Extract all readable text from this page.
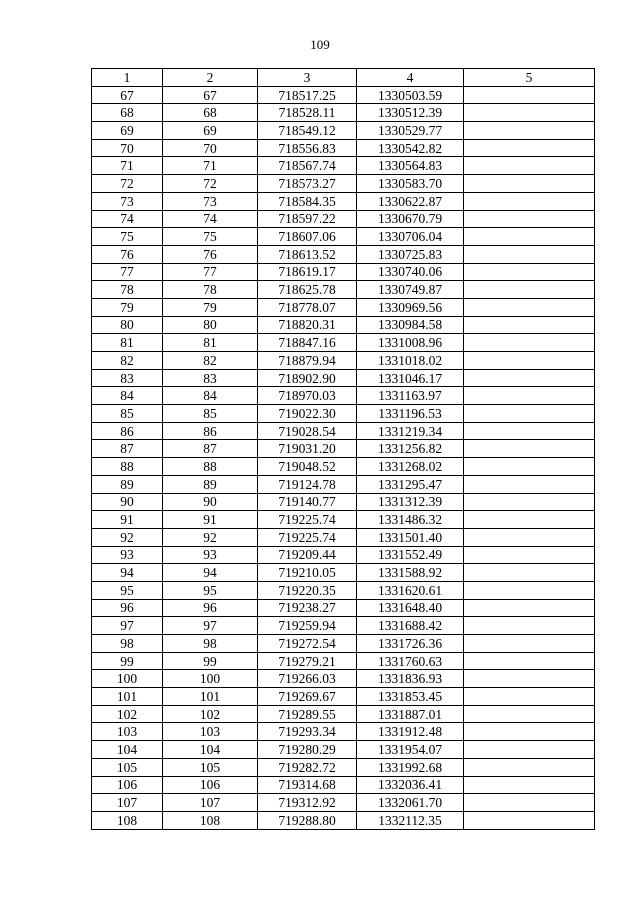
109
1	2	3	4	5
67	67	718517.25	1330503.59	
68	68	718528.11	1330512.39	
69	69	718549.12	1330529.77	
70	70	718556.83	1330542.82	
71	71	718567.74	1330564.83	
72	72	718573.27	1330583.70	
73	73	718584.35	1330622.87	
74	74	718597.22	1330670.79	
75	75	718607.06	1330706.04	
76	76	718613.52	1330725.83	
77	77	718619.17	1330740.06	
78	78	718625.78	1330749.87	
79	79	718778.07	1330969.56	
80	80	718820.31	1330984.58	
81	81	718847.16	1331008.96	
82	82	718879.94	1331018.02	
83	83	718902.90	1331046.17	
84	84	718970.03	1331163.97	
85	85	719022.30	1331196.53	
86	86	719028.54	1331219.34	
87	87	719031.20	1331256.82	
88	88	719048.52	1331268.02	
89	89	719124.78	1331295.47	
90	90	719140.77	1331312.39	
91	91	719225.74	1331486.32	
92	92	719225.74	1331501.40	
93	93	719209.44	1331552.49	
94	94	719210.05	1331588.92	
95	95	719220.35	1331620.61	
96	96	719238.27	1331648.40	
97	97	719259.94	1331688.42	
98	98	719272.54	1331726.36	
99	99	719279.21	1331760.63	
100	100	719266.03	1331836.93	
101	101	719269.67	1331853.45	
102	102	719289.55	1331887.01	
103	103	719293.34	1331912.48	
104	104	719280.29	1331954.07	
105	105	719282.72	1331992.68	
106	106	719314.68	1332036.41	
107	107	719312.92	1332061.70	
108	108	719288.80	1332112.35	
